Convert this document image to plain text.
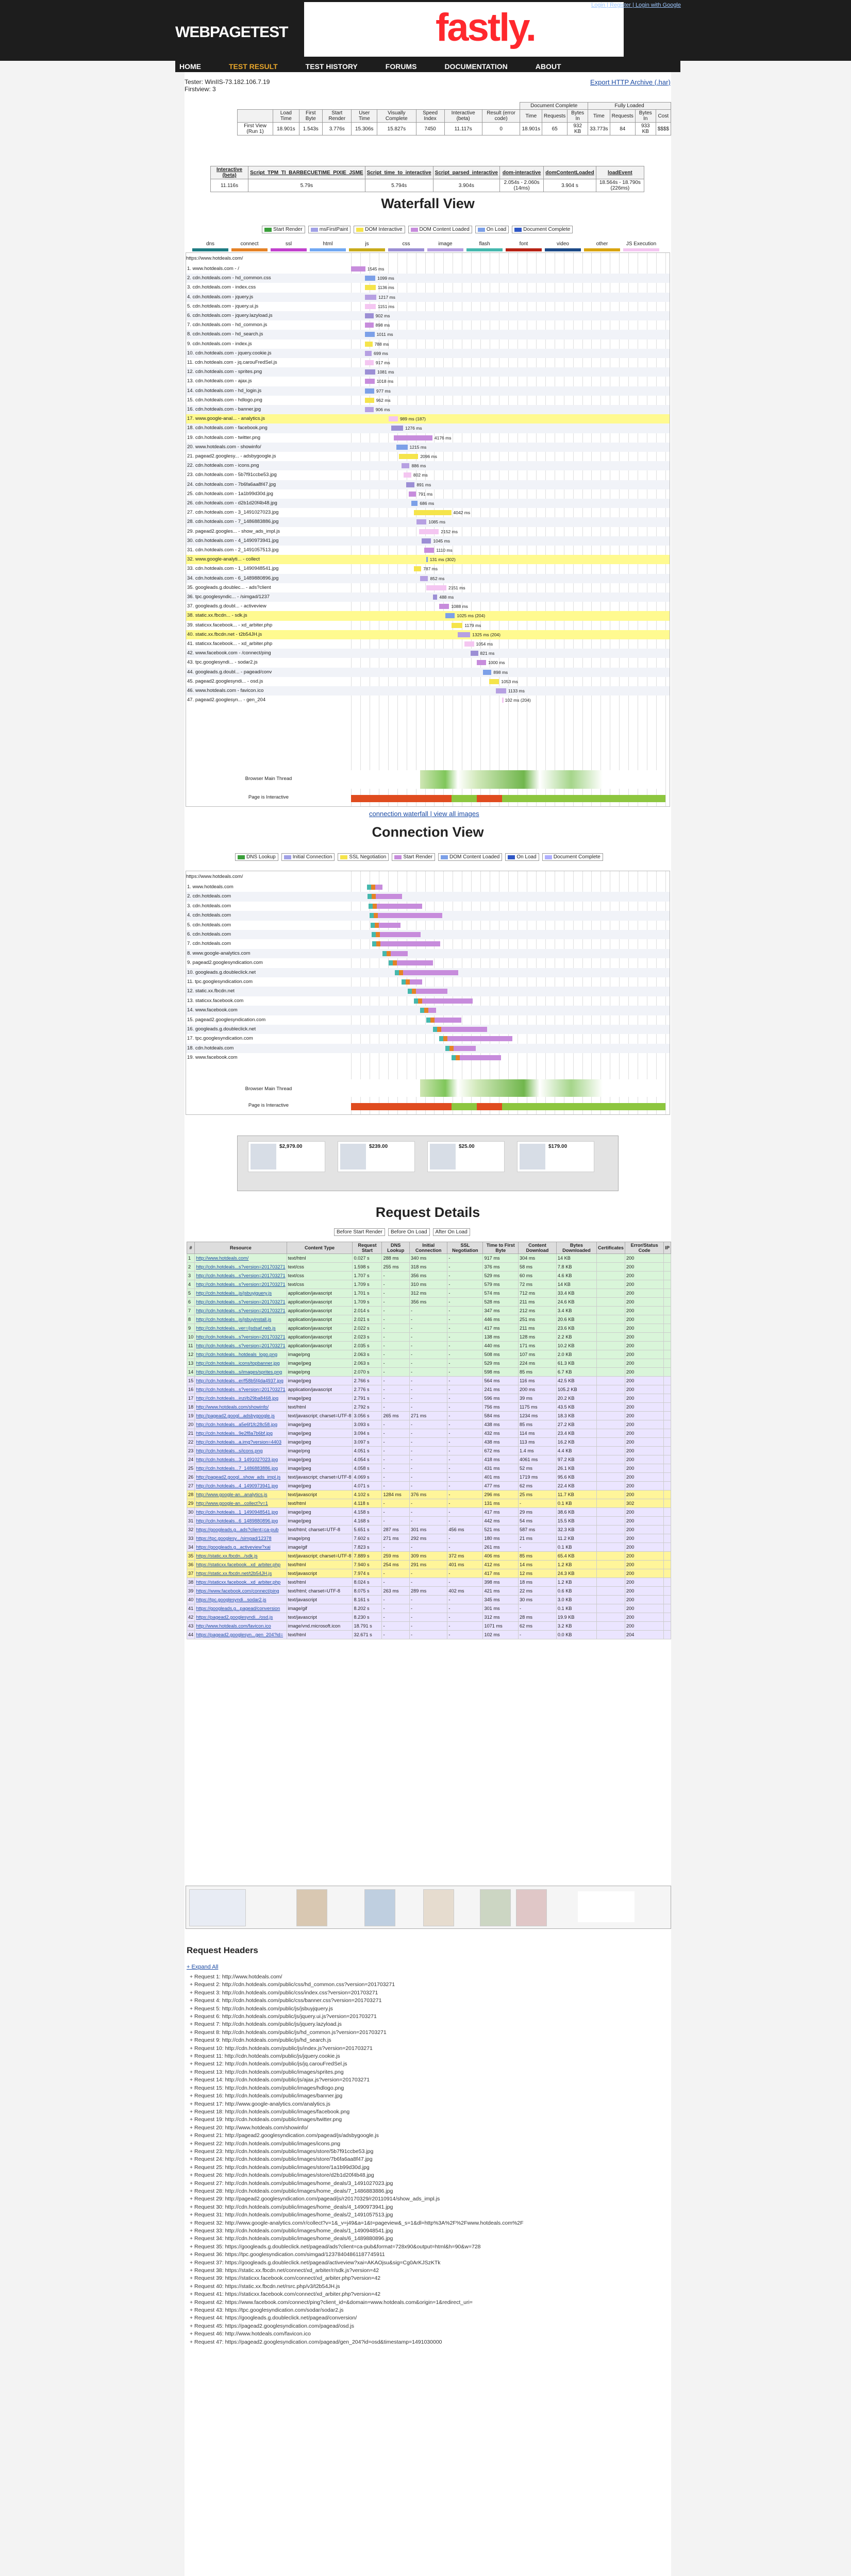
WEBPAGETEST	fastly.
Login | Register | Login with Google
HOME	TEST RESULT	TEST HISTORY	FORUMS	DOCUMENTATION	ABOUT
Tester: WinIIS-73.182.106.7.19
Firstview: 3
Export HTTP Archive (.har)
									Document Complete			Fully Loaded			
	Load Time	First Byte	Start Render	User Time	Visually Complete	Speed Index	Interactive (beta)	Result (error code)	Time	Requests	Bytes In	Time	Requests	Bytes In	Cost
First View (Run 1)	18.901s	1.543s	3.776s	15.306s	15.827s	7450	11.117s	0	18.901s	65	932 KB	33.773s	84	933 KB	$$$$
Interactive (beta)	Script_TPM_TI_BARBECUETIME_PIXIE_JSME	Script_time_to_interactive	Script_parsed_interactive	dom-interactive	domContentLoaded	loadEvent
11.116s	5.79s	5.794s	3.904s	2.054s - 2.060s (14ms)	3.904 s	18.564s - 18.790s (226ms)
Waterfall View
Start Render	msFirstPaint	DOM Interactive	DOM Content Loaded	On Load	Document Complete
dns	connect	ssl	html	js	css	image	flash	font	video	other	JS Execution
https://www.hotdeals.com/
1. www.hotdeals.com - /	1545 ms
2. cdn.hotdeals.com - hd_common.css	1099 ms
3. cdn.hotdeals.com - index.css	1136 ms
4. cdn.hotdeals.com - jquery.js	1217 ms
5. cdn.hotdeals.com - jquery.ui.js	1151 ms
6. cdn.hotdeals.com - jquery.lazyload.js	902 ms
7. cdn.hotdeals.com - hd_common.js	898 ms
8. cdn.hotdeals.com - hd_search.js	1011 ms
9. cdn.hotdeals.com - index.js	788 ms
10. cdn.hotdeals.com - jquery.cookie.js	699 ms
11. cdn.hotdeals.com - jq.carouFredSel.js	917 ms
12. cdn.hotdeals.com - sprites.png	1081 ms
13. cdn.hotdeals.com - ajax.js	1018 ms
14. cdn.hotdeals.com - hd_login.js	977 ms
15. cdn.hotdeals.com - hdlogo.png	962 ms
16. cdn.hotdeals.com - banner.jpg	906 ms
17. www.google-anal... - analytics.js	989 ms (187)
18. cdn.hotdeals.com - facebook.png	1276 ms
19. cdn.hotdeals.com - twitter.png	4176 ms
20. www.hotdeals.com - showinfo/	1215 ms
21. pagead2.googlesy... - adsbygoogle.js	2096 ms
22. cdn.hotdeals.com - icons.png	886 ms
23. cdn.hotdeals.com - 5b7f91ccbe53.jpg	802 ms
24. cdn.hotdeals.com - 7b6fa6aa8f47.jpg	891 ms
25. cdn.hotdeals.com - 1a1b99d30d.jpg	791 ms
26. cdn.hotdeals.com - d2b1d20f4b48.jpg	686 ms
27. cdn.hotdeals.com - 3_1491027023.jpg	4042 ms
28. cdn.hotdeals.com - 7_1486883886.jpg	1085 ms
29. pagead2.googles... - show_ads_impl.js	2152 ms
30. cdn.hotdeals.com - 4_1490973941.jpg	1045 ms
31. cdn.hotdeals.com - 2_1491057513.jpg	1110 ms
32. www.google-analyti... - collect	131 ms (302)
33. cdn.hotdeals.com - 1_1490948541.jpg	787 ms
34. cdn.hotdeals.com - 6_1489880896.jpg	852 ms
35. googleads.g.doublec... - ads?client	2151 ms
36. tpc.googlesyndic... - /simgad/1237	488 ms
37. googleads.g.doubl... - activeview	1088 ms
38. static.xx.fbcdn... - sdk.js	1025 ms (204)
39. staticxx.facebook... - xd_arbiter.php	1179 ms
40. static.xx.fbcdn.net - t2b54JH.js	1325 ms (204)
41. staticxx.facebook... - xd_arbiter.php	1054 ms
42. www.facebook.com - /connect/ping	821 ms
43. tpc.googlesyndi... - sodar2.js	1000 ms
44. googleads.g.doubl... - pagead/conv	898 ms
45. pagead2.googlesyndi... - osd.js	1053 ms
46. www.hotdeals.com - favicon.ico	1133 ms
47. pagead2.googlesyn... - gen_204	102 ms (204)
Browser Main Thread
Page is Interactive
connection waterfall | view all images
Connection View
DNS Lookup	Initial Connection	SSL Negotiation	Start Render	DOM Content Loaded	On Load	Document Complete
https://www.hotdeals.com/
1. www.hotdeals.com
2. cdn.hotdeals.com
3. cdn.hotdeals.com
4. cdn.hotdeals.com
5. cdn.hotdeals.com
6. cdn.hotdeals.com
7. cdn.hotdeals.com
8. www.google-analytics.com
9. pagead2.googlesyndication.com
10. googleads.g.doubleclick.net
11. tpc.googlesyndication.com
12. static.xx.fbcdn.net
13. staticxx.facebook.com
14. www.facebook.com
15. pagead2.googlesyndication.com
16. googleads.g.doubleclick.net
17. tpc.googlesyndication.com
18. cdn.hotdeals.com
19. www.facebook.com
Browser Main Thread
Page is Interactive
$2,979.00	$239.00	$25.00	$179.00
Request Details
Before Start Render Before On Load After On Load
#	Resource	Content Type	Request Start	DNS Lookup	Initial Connection	SSL Negotiation	Time to First Byte	Content Download	Bytes Downloaded	Certificates	Error/Status Code	IP
1	http://www.hotdeals.com/	text/html	0.027 s	288 ms	340 ms	-	917 ms	304 ms	14 KB		200	
2	http://cdn.hotdeals...s?version=201703271	text/css	1.598 s	255 ms	318 ms	-	376 ms	58 ms	7.8 KB		200	
3	http://cdn.hotdeals...s?version=201703271	text/css	1.707 s	-	356 ms	-	529 ms	60 ms	4.6 KB		200	
4	http://cdn.hotdeals...s?version=201703271	text/css	1.709 s	-	310 ms	-	579 ms	72 ms	14 KB		200	
5	http://cdn.hotdeals...js/jsbuyjquery.js	application/javascript	1.701 s	-	312 ms	-	574 ms	712 ms	33.4 KB		200	
6	http://cdn.hotdeals...s?version=201703271	application/javascript	1.709 s	-	356 ms	-	528 ms	211 ms	24.6 KB		200	
7	http://cdn.hotdeals...s?version=201703271	application/javascript	2.014 s	-	-	-	347 ms	212 ms	3.4 KB		200	
8	http://cdn.hotdeals...js/jsbuyinstall.js	application/javascript	2.021 s	-	-	-	446 ms	251 ms	20.6 KB		200	
9	http://cdn.hotdeals...ver=/jsdsaf.neb.js	application/javascript	2.022 s	-	-	-	417 ms	211 ms	23.6 KB		200	
10	http://cdn.hotdeals...s?version=201703271	application/javascript	2.023 s	-	-	-	138 ms	128 ms	2.2 KB		200	
11	http://cdn.hotdeals...s?version=201703271	application/javascript	2.035 s	-	-	-	440 ms	171 ms	10.2 KB		200	
12	http://cdn.hotdeals...hotdeals_logo.png	image/png	2.063 s	-	-	-	508 ms	107 ms	2.0 KB		200	
13	http://cdn.hotdeals...icons/topbanner.jpg	image/jpeg	2.063 s	-	-	-	529 ms	224 ms	61.3 KB		200	
14	http://cdn.hotdeals...s/images/sprites.png	image/png	2.070 s	-	-	-	598 ms	85 ms	6.7 KB		200	
15	http://cdn.hotdeals...er/f58b5f4da4937.jpg	image/jpeg	2.766 s	-	-	-	564 ms	116 ms	42.5 KB		200	
16	http://cdn.hotdeals...s?version=201703271	application/javascript	2.776 s	-	-	-	241 ms	200 ms	105.2 KB		200	
17	http://cdn.hotdeals...inzi/b29ba8468.jpg	image/jpeg	2.791 s	-	-	-	596 ms	39 ms	20.2 KB		200	
18	http://www.hotdeals.com/showinfo/	text/html	2.792 s	-	-	-	756 ms	1175 ms	43.5 KB		200	
19	http://pagead2.googl...adsbygoogle.js	text/javascript; charset=UTF-8	3.056 s	265 ms	271 ms	-	584 ms	1234 ms	18.3 KB		200	
20	http://cdn.hotdeals...a5e6f1fc28c58.jpg	image/jpeg	3.093 s	-	-	-	438 ms	85 ms	27.2 KB		200	
21	http://cdn.hotdeals...9e2f8a7b6bf.jpg	image/jpeg	3.094 s	-	-	-	432 ms	114 ms	23.4 KB		200	
22	http://cdn.hotdeals...a.img?version=4403	image/jpeg	3.097 s	-	-	-	438 ms	113 ms	16.2 KB		200	
23	http://cdn.hotdeals...s/icons.png	image/png	4.051 s	-	-	-	672 ms	1.4 ms	4.4 KB		200	
24	http://cdn.hotdeals...3_1491027023.jpg	image/jpeg	4.054 s	-	-	-	418 ms	4061 ms	97.2 KB		200	
25	http://cdn.hotdeals...7_1486883886.jpg	image/jpeg	4.058 s	-	-	-	431 ms	52 ms	26.1 KB		200	
26	http://pagead2.googl...show_ads_impl.js	text/javascript; charset=UTF-8	4.069 s	-	-	-	401 ms	1719 ms	95.6 KB		200	
27	http://cdn.hotdeals...4_1490973941.jpg	image/jpeg	4.071 s	-	-	-	477 ms	62 ms	22.4 KB		200	
28	http://www.google-an...analytics.js	text/javascript	4.102 s	1284 ms	376 ms	-	296 ms	25 ms	11.7 KB		200	
29	http://www.google-an...collect?v=1	text/html	4.118 s	-	-	-	131 ms	-	0.1 KB		302	
30	http://cdn.hotdeals...1_1490948541.jpg	image/jpeg	4.158 s	-	-	-	417 ms	29 ms	38.6 KB		200	
31	http://cdn.hotdeals...6_1489880896.jpg	image/jpeg	4.168 s	-	-	-	442 ms	54 ms	15.5 KB		200	
32	https://googleads.g...ads?client=ca-pub	text/html; charset=UTF-8	5.651 s	287 ms	301 ms	456 ms	521 ms	587 ms	32.3 KB		200	
33	https://tpc.googlesy.../simgad/12378	image/png	7.602 s	271 ms	292 ms	-	180 ms	21 ms	11.2 KB		200	
34	https://googleads.g...activeview?xai	image/gif	7.823 s	-	-	-	261 ms	-	0.1 KB		200	
35	https://static.xx.fbcdn.../sdk.js	text/javascript; charset=UTF-8	7.889 s	259 ms	309 ms	372 ms	406 ms	85 ms	65.4 KB		200	
36	https://staticxx.facebook...xd_arbiter.php	text/html	7.940 s	254 ms	291 ms	401 ms	412 ms	14 ms	1.2 KB		200	
37	https://static.xx.fbcdn.net/t2b54JH.js	text/javascript	7.974 s	-	-	-	417 ms	12 ms	24.3 KB		200	
38	https://staticxx.facebook...xd_arbiter.php	text/html	8.024 s	-	-	-	398 ms	18 ms	1.2 KB		200	
39	https://www.facebook.com/connect/ping	text/html; charset=UTF-8	8.075 s	263 ms	289 ms	402 ms	421 ms	22 ms	0.6 KB		200	
40	https://tpc.googlesyndi...sodar2.js	text/javascript	8.161 s	-	-	-	345 ms	30 ms	3.0 KB		200	
41	https://googleads.g...pagead/conversion	image/gif	8.202 s	-	-	-	301 ms	-	0.1 KB		200	
42	https://pagead2.googlesyndi.../osd.js	text/javascript	8.230 s	-	-	-	312 ms	28 ms	19.9 KB		200	
43	http://www.hotdeals.com/favicon.ico	image/vnd.microsoft.icon	18.791 s	-	-	-	1071 ms	62 ms	3.2 KB		200	
44	https://pagead2.googlesyn...gen_204?id=	text/html	32.671 s	-	-	-	102 ms	-	0.0 KB		204	
Request Headers
+ Expand All
+ Request 1: http://www.hotdeals.com/
+ Request 2: http://cdn.hotdeals.com/public/css/hd_common.css?version=201703271
+ Request 3: http://cdn.hotdeals.com/public/css/index.css?version=201703271
+ Request 4: http://cdn.hotdeals.com/public/css/banner.css?version=201703271
+ Request 5: http://cdn.hotdeals.com/public/js/jsbuyjquery.js
+ Request 6: http://cdn.hotdeals.com/public/js/jquery.ui.js?version=201703271
+ Request 7: http://cdn.hotdeals.com/public/js/jquery.lazyload.js
+ Request 8: http://cdn.hotdeals.com/public/js/hd_common.js?version=201703271
+ Request 9: http://cdn.hotdeals.com/public/js/hd_search.js
+ Request 10: http://cdn.hotdeals.com/public/js/index.js?version=201703271
+ Request 11: http://cdn.hotdeals.com/public/js/jquery.cookie.js
+ Request 12: http://cdn.hotdeals.com/public/js/jq.carouFredSel.js
+ Request 13: http://cdn.hotdeals.com/public/images/sprites.png
+ Request 14: http://cdn.hotdeals.com/public/js/ajax.js?version=201703271
+ Request 15: http://cdn.hotdeals.com/public/images/hdlogo.png
+ Request 16: http://cdn.hotdeals.com/public/images/banner.jpg
+ Request 17: http://www.google-analytics.com/analytics.js
+ Request 18: http://cdn.hotdeals.com/public/images/facebook.png
+ Request 19: http://cdn.hotdeals.com/public/images/twitter.png
+ Request 20: http://www.hotdeals.com/showinfo/
+ Request 21: http://pagead2.googlesyndication.com/pagead/js/adsbygoogle.js
+ Request 22: http://cdn.hotdeals.com/public/images/icons.png
+ Request 23: http://cdn.hotdeals.com/public/images/store/5b7f91ccbe53.jpg
+ Request 24: http://cdn.hotdeals.com/public/images/store/7b6fa6aa8f47.jpg
+ Request 25: http://cdn.hotdeals.com/public/images/store/1a1b99d30d.jpg
+ Request 26: http://cdn.hotdeals.com/public/images/store/d2b1d20f4b48.jpg
+ Request 27: http://cdn.hotdeals.com/public/images/home_deals/3_1491027023.jpg
+ Request 28: http://cdn.hotdeals.com/public/images/home_deals/7_1486883886.jpg
+ Request 29: http://pagead2.googlesyndication.com/pagead/js/r20170329/r20110914/show_ads_impl.js
+ Request 30: http://cdn.hotdeals.com/public/images/home_deals/4_1490973941.jpg
+ Request 31: http://cdn.hotdeals.com/public/images/home_deals/2_1491057513.jpg
+ Request 32: http://www.google-analytics.com/r/collect?v=1&_v=j49&a=1&t=pageview&_s=1&dl=http%3A%2F%2Fwww.hotdeals.com%2F
+ Request 33: http://cdn.hotdeals.com/public/images/home_deals/1_1490948541.jpg
+ Request 34: http://cdn.hotdeals.com/public/images/home_deals/6_1489880896.jpg
+ Request 35: https://googleads.g.doubleclick.net/pagead/ads?client=ca-pub&format=728x90&output=html&h=90&w=728
+ Request 36: https://tpc.googlesyndication.com/simgad/12378404861187745911
+ Request 37: https://googleads.g.doubleclick.net/pagead/activeview?xai=AKAOjsu&sig=Cg0ArKJSzKTk
+ Request 38: https://static.xx.fbcdn.net/connect/xd_arbiter/r/sdk.js?version=42
+ Request 39: https://staticxx.facebook.com/connect/xd_arbiter.php?version=42
+ Request 40: https://static.xx.fbcdn.net/rsrc.php/v3/t2b54JH.js
+ Request 41: https://staticxx.facebook.com/connect/xd_arbiter.php?version=42
+ Request 42: https://www.facebook.com/connect/ping?client_id=&domain=www.hotdeals.com&origin=1&redirect_uri=
+ Request 43: https://tpc.googlesyndication.com/sodar/sodar2.js
+ Request 44: https://googleads.g.doubleclick.net/pagead/conversion/
+ Request 45: https://pagead2.googlesyndication.com/pagead/osd.js
+ Request 46: http://www.hotdeals.com/favicon.ico
+ Request 47: https://pagead2.googlesyndication.com/pagead/gen_204?id=osd&timestamp=1491030000
